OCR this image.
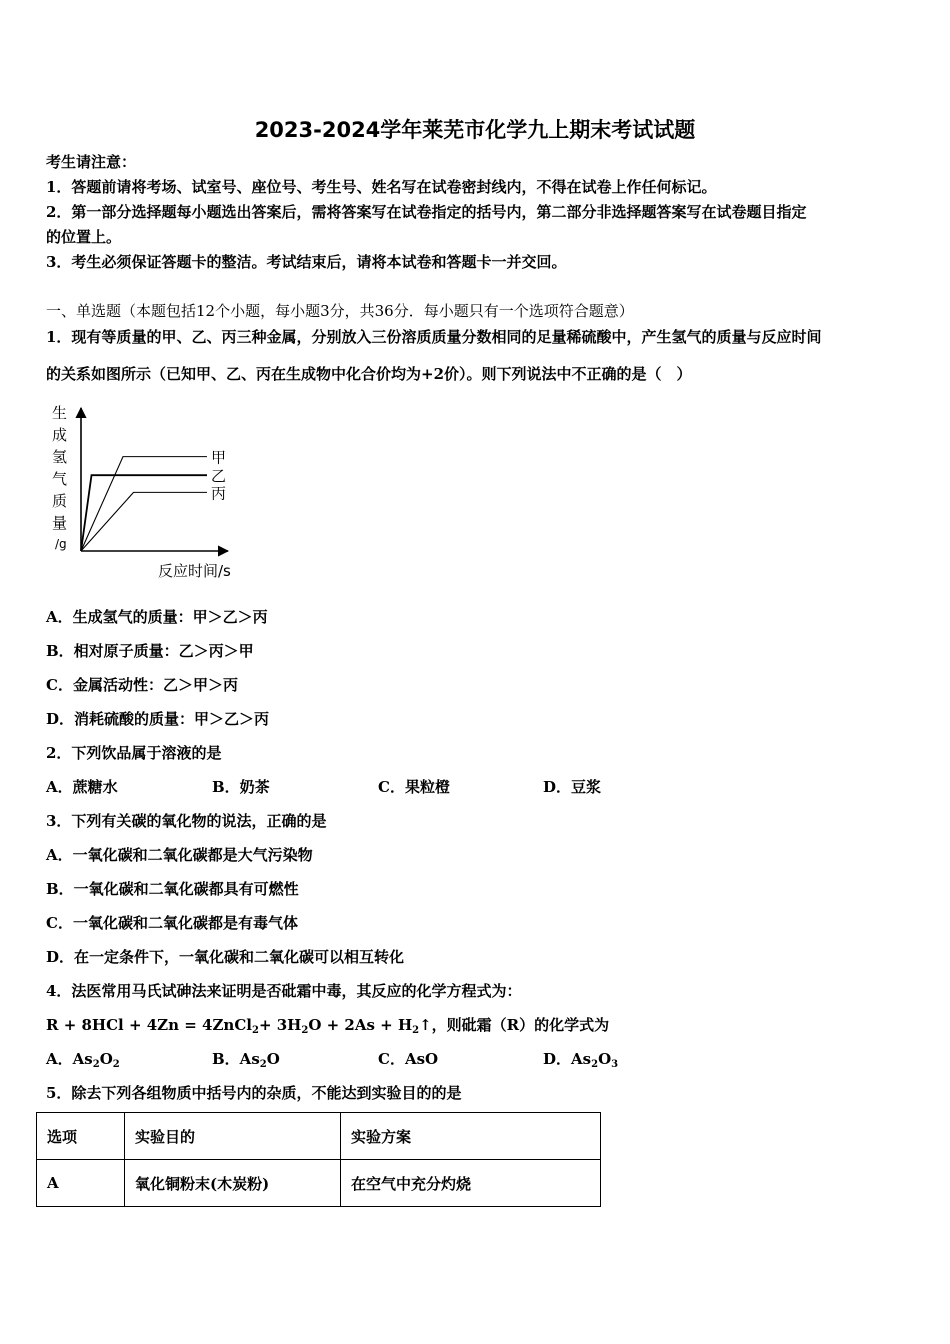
2023-2024学年莱芜市化学九上期末考试试题
考生请注意：
1．答题前请将考场、试室号、座位号、考生号、姓名写在试卷密封线内，不得在试卷上作任何标记。
2．第一部分选择题每小题选出答案后，需将答案写在试卷指定的括号内，第二部分非选择题答案写在试卷题目指定
的位置上。
3．考生必须保证答题卡的整洁。考试结束后，请将本试卷和答题卡一并交回。
一、单选题（本题包括12个小题，每小题3分，共36分．每小题只有一个选项符合题意）
1．现有等质量的甲、乙、丙三种金属，分别放入三份溶质质量分数相同的足量稀硫酸中，产生氢气的质量与反应时间
的关系如图所示（已知甲、乙、丙在生成物中化合价均为+2价）。则下列说法中不正确的是（　）
生
成
氢
气
质
量
/g
甲
乙
丙
反应时间/s
A．生成氢气的质量：甲＞乙＞丙
B．相对原子质量：乙＞丙＞甲
C．金属活动性：乙＞甲＞丙
D．消耗硫酸的质量：甲＞乙＞丙
2．下列饮品属于溶液的是
A．蔗糖水	B．奶茶	C．果粒橙	D．豆浆
3．下列有关碳的氧化物的说法，正确的是
A．一氧化碳和二氧化碳都是大气污染物
B．一氧化碳和二氧化碳都具有可燃性
C．一氧化碳和二氧化碳都是有毒气体
D．在一定条件下，一氧化碳和二氧化碳可以相互转化
4．法医常用马氏试砷法来证明是否砒霜中毒，其反应的化学方程式为：
R + 8HCl + 4Zn = 4ZnCl$_2$+ $3H_2O + 2As$ + $H_2↑$，则砒霜（R）的化学式为
A．$As_2O_2$	B．$As_2O$	C．AsO	D．$As_2O_3$
5．除去下列各组物质中括号内的杂质，不能达到实验目的的是
选项	实验目的	实验方案
A	氧化铜粉末(木炭粉)	在空气中充分灼烧
